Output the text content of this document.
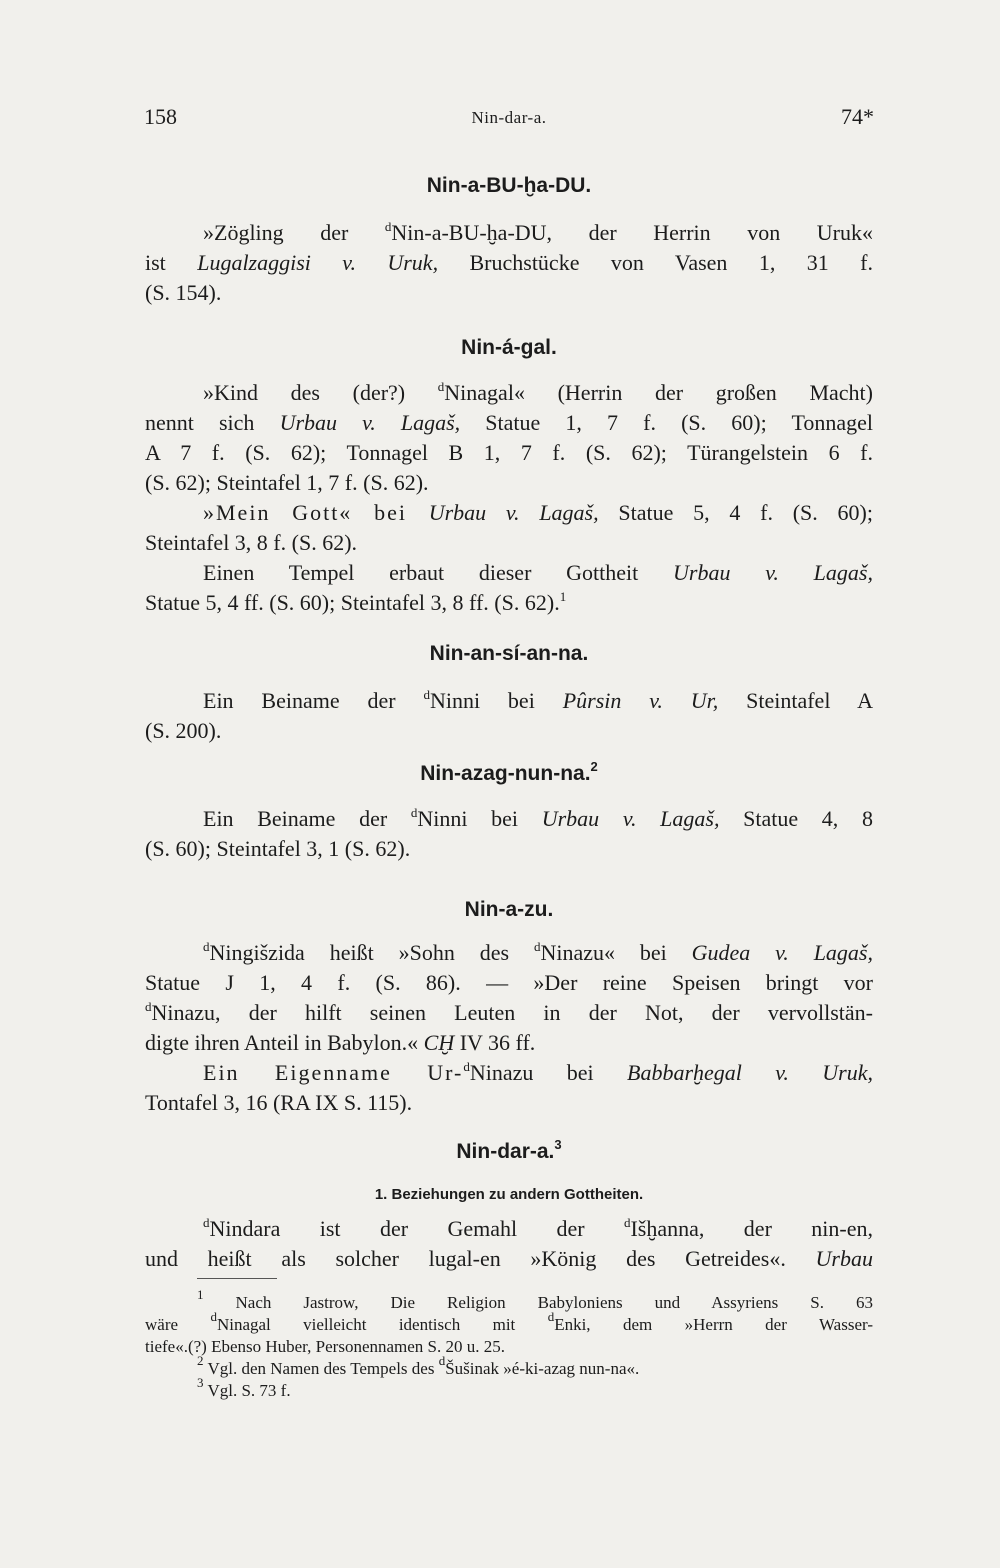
158	Nin-dar-a.	74*
Nin-a-BU-ḫa-DU.
»Zögling der $^d$Nin-a-BU-ḫa-DU, der Herrin von Uruk«
ist Lugalzaggisi v. Uruk, Bruchstücke von Vasen 1, 31 f.
(S. 154).
Nin-á-gal.
»Kind des (der?) $^d$Ninagal« (Herrin der großen Macht)
nennt sich Urbau v. Lagaš, Statue 1, 7 f. (S. 60); Tonnagel
A 7 f. (S. 62); Tonnagel B 1, 7 f. (S. 62); Türangelstein 6 f.
(S. 62); Steintafel 1, 7 f. (S. 62).
»Mein Gott« bei Urbau v. Lagaš, Statue 5, 4 f. (S. 60);
Steintafel 3, 8 f. (S. 62).
Einen Tempel erbaut dieser Gottheit Urbau v. Lagaš,
Statue 5, 4 ff. (S. 60); Steintafel 3, 8 ff. (S. 62).$^1$
Nin-an-sí-an-na.
Ein Beiname der $^d$Ninni bei Pûrsin v. Ur, Steintafel A
(S. 200).
Nin-azag-nun-na.$^2$
Ein Beiname der $^d$Ninni bei Urbau v. Lagaš, Statue 4, 8
(S. 60); Steintafel 3, 1 (S. 62).
Nin-a-zu.
$^d$Ningišzida heißt »Sohn des $^d$Ninazu« bei Gudea v. Lagaš,
Statue J 1, 4 f. (S. 86). — »Der reine Speisen bringt vor
$^d$Ninazu, der hilft seinen Leuten in der Not, der vervollstän-
digte ihren Anteil in Babylon.« CḪ IV 36 ff.
Ein Eigenname Ur-$^d$Ninazu bei Babbarḫegal v. Uruk,
Tontafel 3, 16 (RA IX S. 115).
Nin-dar-a.$^3$
1. Beziehungen zu andern Gottheiten.
$^d$Nindara ist der Gemahl der $^d$Išḫanna, der nin-en,
und heißt als solcher lugal-en »König des Getreides«. Urbau
$^1$ Nach Jastrow, Die Religion Babyloniens und Assyriens S. 63
wäre $^d$Ninagal vielleicht identisch mit $^d$Enki, dem »Herrn der Wasser-
tiefe«.(?) Ebenso Huber, Personennamen S. 20 u. 25.
$^2$ Vgl. den Namen des Tempels des $^d$Šušinak »é-ki-azag nun-na«.
$^3$ Vgl. S. 73 f.
